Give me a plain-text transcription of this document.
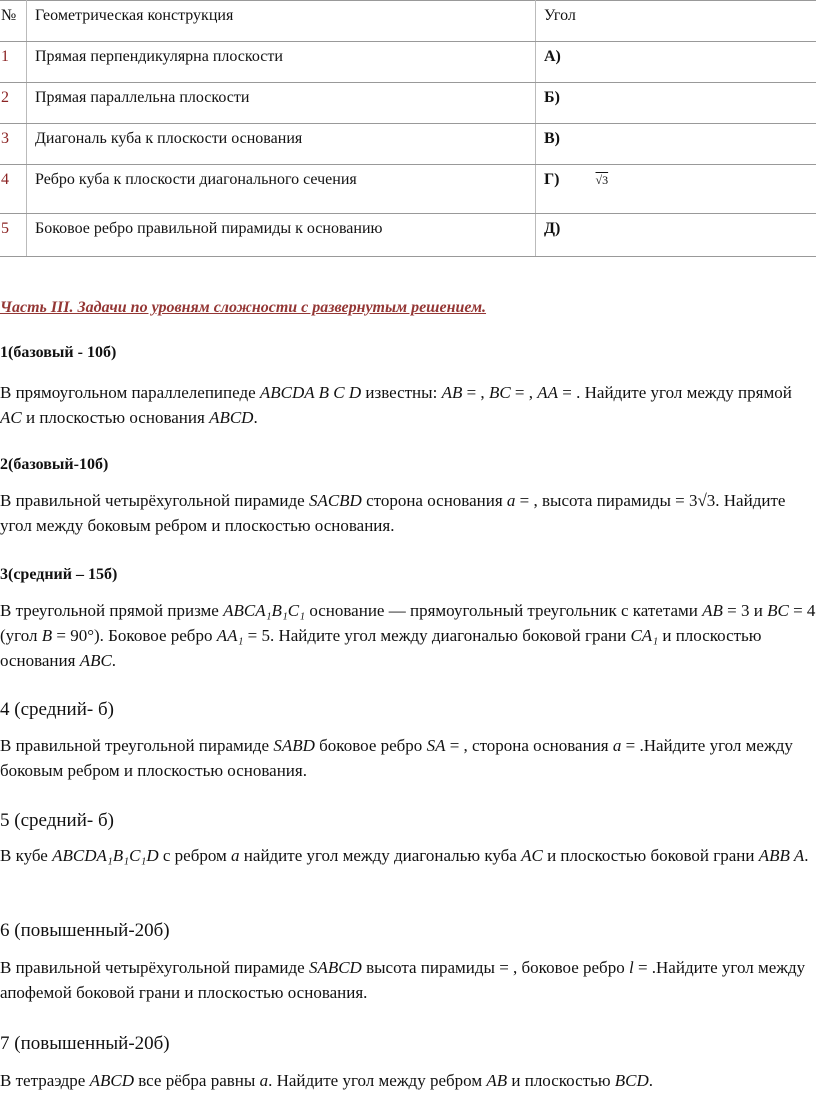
№	Геометрическая конструкция	Угол
1	Прямая перпендикулярна плоскости	А)
2	Прямая параллельна плоскости	Б)
3	Диагональ куба к плоскости основания	В)
4	Ребро куба к плоскости диагонального сечения	Г) √3
5	Боковое ребро правильной пирамиды к основанию	Д)
Часть III. Задачи по уровням сложности с развернутым решением.
1(базовый - 10б)
В прямоугольном параллелепипеде ABCDA B C D известны: AB = , BC = , AA = . Найдите угол между прямой AC и плоскостью основания ABCD.
2(базовый-10б)
В правильной четырёхугольной пирамиде SACBD сторона основания a = , высота пирамиды = 3√3. Найдите угол между боковым ребром и плоскостью основания.
3(средний – 15б)
В треугольной прямой призме ABCA₁B₁C₁ основание — прямоугольный треугольник с катетами AB = 3 и BC = 4 (угол B = 90°). Боковое ребро AA₁ = 5. Найдите угол между диагональю боковой грани CA₁ и плоскостью основания ABC.
4 (средний- б)
В правильной треугольной пирамиде SABD боковое ребро SA = , сторона основания a = .Найдите угол между боковым ребром и плоскостью основания.
5 (средний- б)
В кубе ABCDA₁B₁C₁D с ребром a найдите угол между диагональю куба AC и плоскостью боковой грани ABB A.
6 (повышенный-20б)
В правильной четырёхугольной пирамиде SABCD высота пирамиды = , боковое ребро l = .Найдите угол между апофемой боковой грани и плоскостью основания.
7 (повышенный-20б)
В тетраэдре ABCD все рёбра равны a. Найдите угол между ребром AB и плоскостью BCD.
